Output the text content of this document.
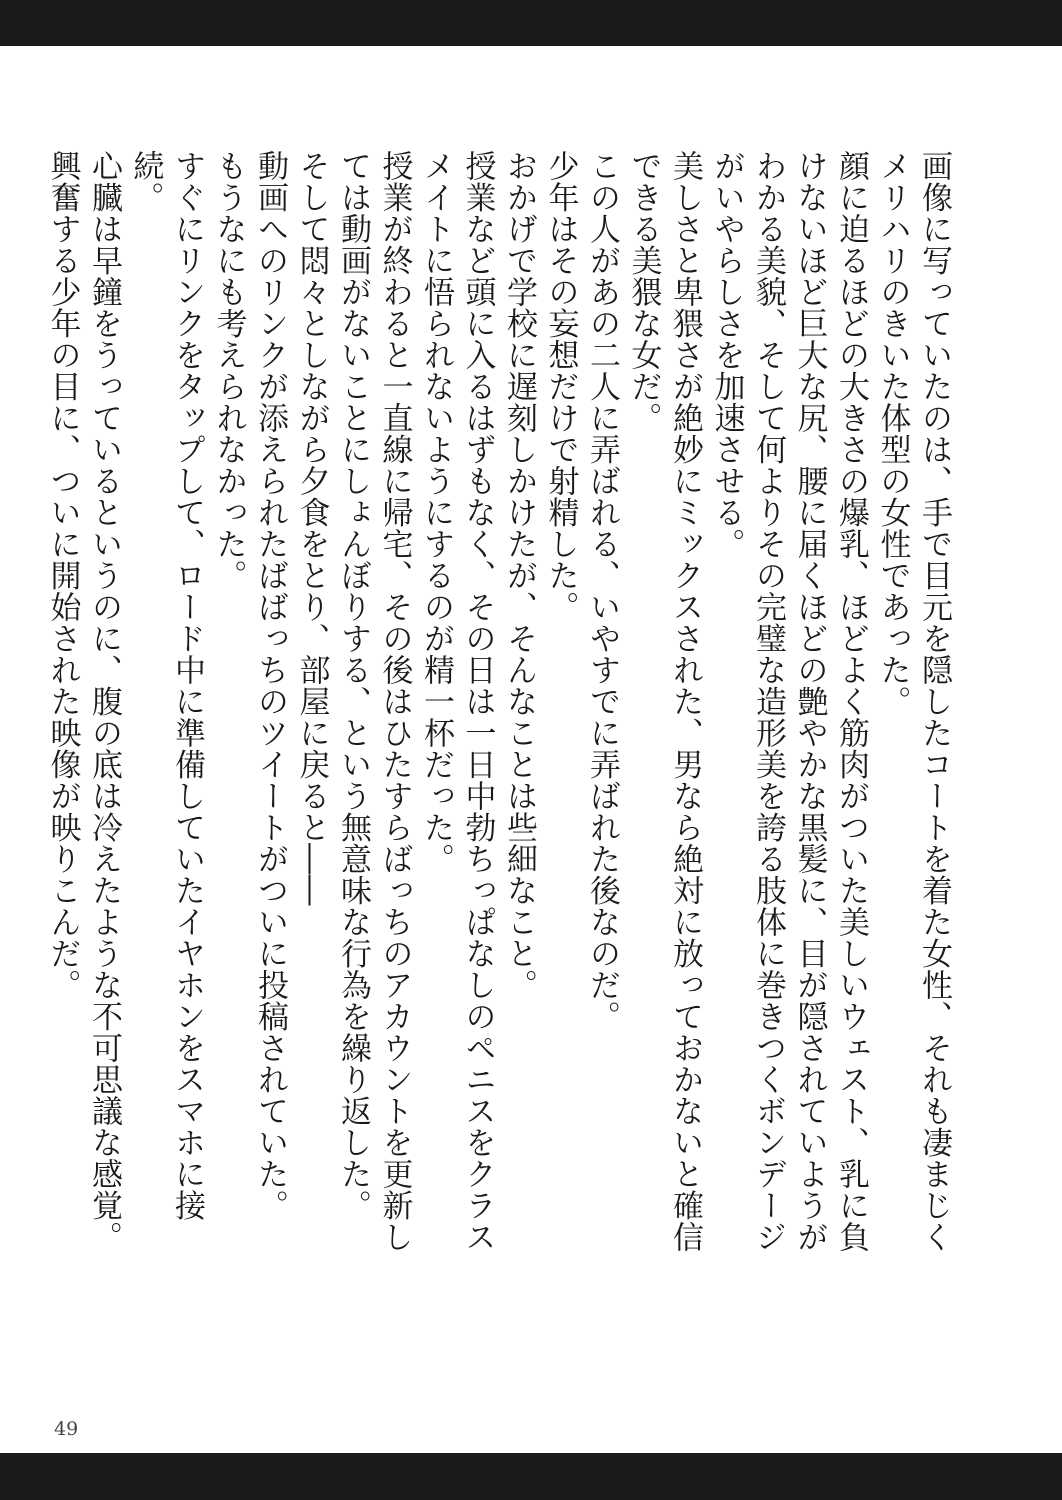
画像に写っていたのは、手で目元を隠したコートを着た女性、それも凄まじくメリハリのきいた体型の女性であった。

顔に迫るほどの大きさの爆乳、ほどよく筋肉がついた美しいウェスト、乳に負けないほど巨大な尻、腰に届くほどの艶やかな黒髪に、目が隠されていようがわかる美貌、そして何よりその完璧な造形美を誇る肢体に巻きつくボンデージがいやらしさを加速させる。

美しさと卑猥さが絶妙にミックスされた、男なら絶対に放っておかないと確信できる美猥な女だ。

この人があの二人に弄ばれる、いやすでに弄ばれた後なのだ。

少年はその妄想だけで射精した。

おかげで学校に遅刻しかけたが、そんなことは些細なこと。

授業など頭に入るはずもなく、その日は一日中勃ちっぱなしのペニスをクラスメイトに悟られないようにするのが精一杯だった。

授業が終わると一直線に帰宅、その後はひたすらばっちのアカウントを更新しては動画がないことにしょんぼりする、という無意味な行為を繰り返した。

そして悶々としながら夕食をとり、部屋に戻ると――

動画へのリンクが添えられたばばっちのツイートがついに投稿されていた。

もうなにも考えられなかった。

すぐにリンクをタップして、ロード中に準備していたイヤホンをスマホに接続。

心臓は早鐘をうっているというのに、腹の底は冷えたような不可思議な感覚。

興奮する少年の目に、ついに開始された映像が映りこんだ。

49
